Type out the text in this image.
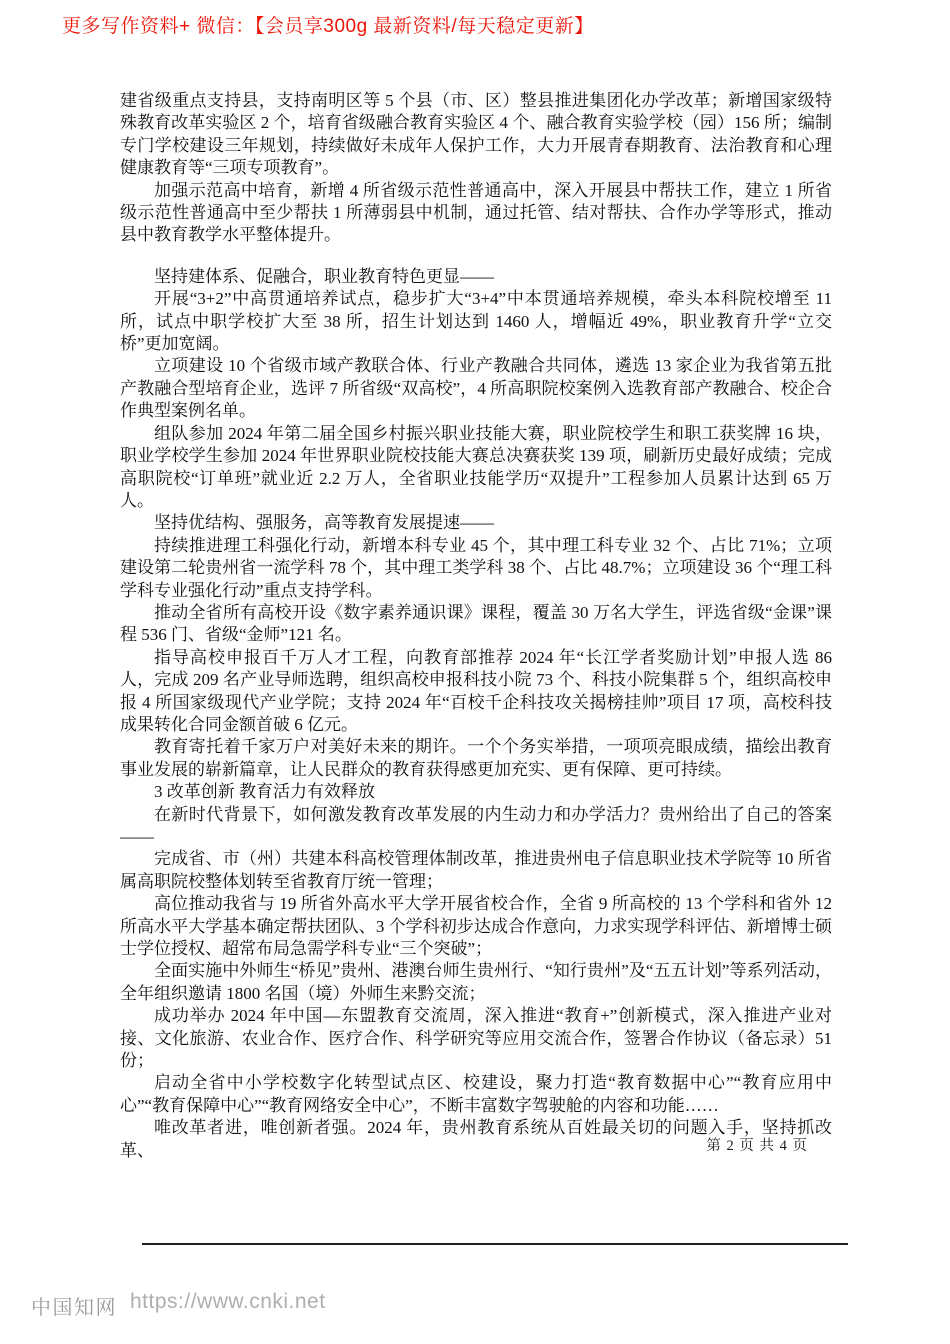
更多写作资料+ 微信：【会员享300g 最新资料/每天稳定更新】

建省级重点支持县，支持南明区等 5 个县（市、区）整县推进集团化办学改革；新增国家级特殊教育改革实验区 2 个，培育省级融合教育实验区 4 个、融合教育实验学校（园）156 所；编制专门学校建设三年规划，持续做好未成年人保护工作，大力开展青春期教育、法治教育和心理健康教育等“三项专项教育”。

加强示范高中培育，新增 4 所省级示范性普通高中，深入开展县中帮扶工作，建立 1 所省级示范性普通高中至少帮扶 1 所薄弱县中机制，通过托管、结对帮扶、合作办学等形式，推动县中教育教学水平整体提升。

坚持建体系、促融合，职业教育特色更显——

开展“3+2”中高贯通培养试点，稳步扩大“3+4”中本贯通培养规模，牵头本科院校增至 11 所，试点中职学校扩大至 38 所，招生计划达到 1460 人，增幅近 49%，职业教育升学“立交桥”更加宽阔。

立项建设 10 个省级市域产教联合体、行业产教融合共同体，遴选 13 家企业为我省第五批产教融合型培育企业，选评 7 所省级“双高校”，4 所高职院校案例入选教育部产教融合、校企合作典型案例名单。

组队参加 2024 年第二届全国乡村振兴职业技能大赛，职业院校学生和职工获奖牌 16 块，职业学校学生参加 2024 年世界职业院校技能大赛总决赛获奖 139 项，刷新历史最好成绩；完成高职院校“订单班”就业近 2.2 万人，全省职业技能学历“双提升”工程参加人员累计达到 65 万人。

坚持优结构、强服务，高等教育发展提速——

持续推进理工科强化行动，新增本科专业 45 个，其中理工科专业 32 个、占比 71%；立项建设第二轮贵州省一流学科 78 个，其中理工类学科 38 个、占比 48.7%；立项建设 36 个“理工科学科专业强化行动”重点支持学科。

推动全省所有高校开设《数字素养通识课》课程，覆盖 30 万名大学生，评选省级“金课”课程 536 门、省级“金师”121 名。

指导高校申报百千万人才工程，向教育部推荐 2024 年“长江学者奖励计划”申报人选 86 人，完成 209 名产业导师选聘，组织高校申报科技小院 73 个、科技小院集群 5 个，组织高校申报 4 所国家级现代产业学院；支持 2024 年“百校千企科技攻关揭榜挂帅”项目 17 项，高校科技成果转化合同金额首破 6 亿元。

教育寄托着千家万户对美好未来的期许。一个个务实举措，一项项亮眼成绩，描绘出教育事业发展的崭新篇章，让人民群众的教育获得感更加充实、更有保障、更可持续。

3 改革创新 教育活力有效释放

在新时代背景下，如何激发教育改革发展的内生动力和办学活力？贵州给出了自己的答案——

完成省、市（州）共建本科高校管理体制改革，推进贵州电子信息职业技术学院等 10 所省属高职院校整体划转至省教育厅统一管理；

高位推动我省与 19 所省外高水平大学开展省校合作，全省 9 所高校的 13 个学科和省外 12 所高水平大学基本确定帮扶团队、3 个学科初步达成合作意向，力求实现学科评估、新增博士硕士学位授权、超常布局急需学科专业“三个突破”；

全面实施中外师生“桥见”贵州、港澳台师生贵州行、“知行贵州”及“五五计划”等系列活动，全年组织邀请 1800 名国（境）外师生来黔交流；

成功举办 2024 年中国—东盟教育交流周，深入推进“教育+”创新模式，深入推进产业对接、文化旅游、农业合作、医疗合作、科学研究等应用交流合作，签署合作协议（备忘录）51 份；

启动全省中小学校数字化转型试点区、校建设，聚力打造“教育数据中心”“教育应用中心”“教育保障中心”“教育网络安全中心”，不断丰富数字驾驶舱的内容和功能……

唯改革者进，唯创新者强。2024 年，贵州教育系统从百姓最关切的问题入手，坚持抓改革、	第 2 页 共 4 页
中国知网 https://www.cnki.net
